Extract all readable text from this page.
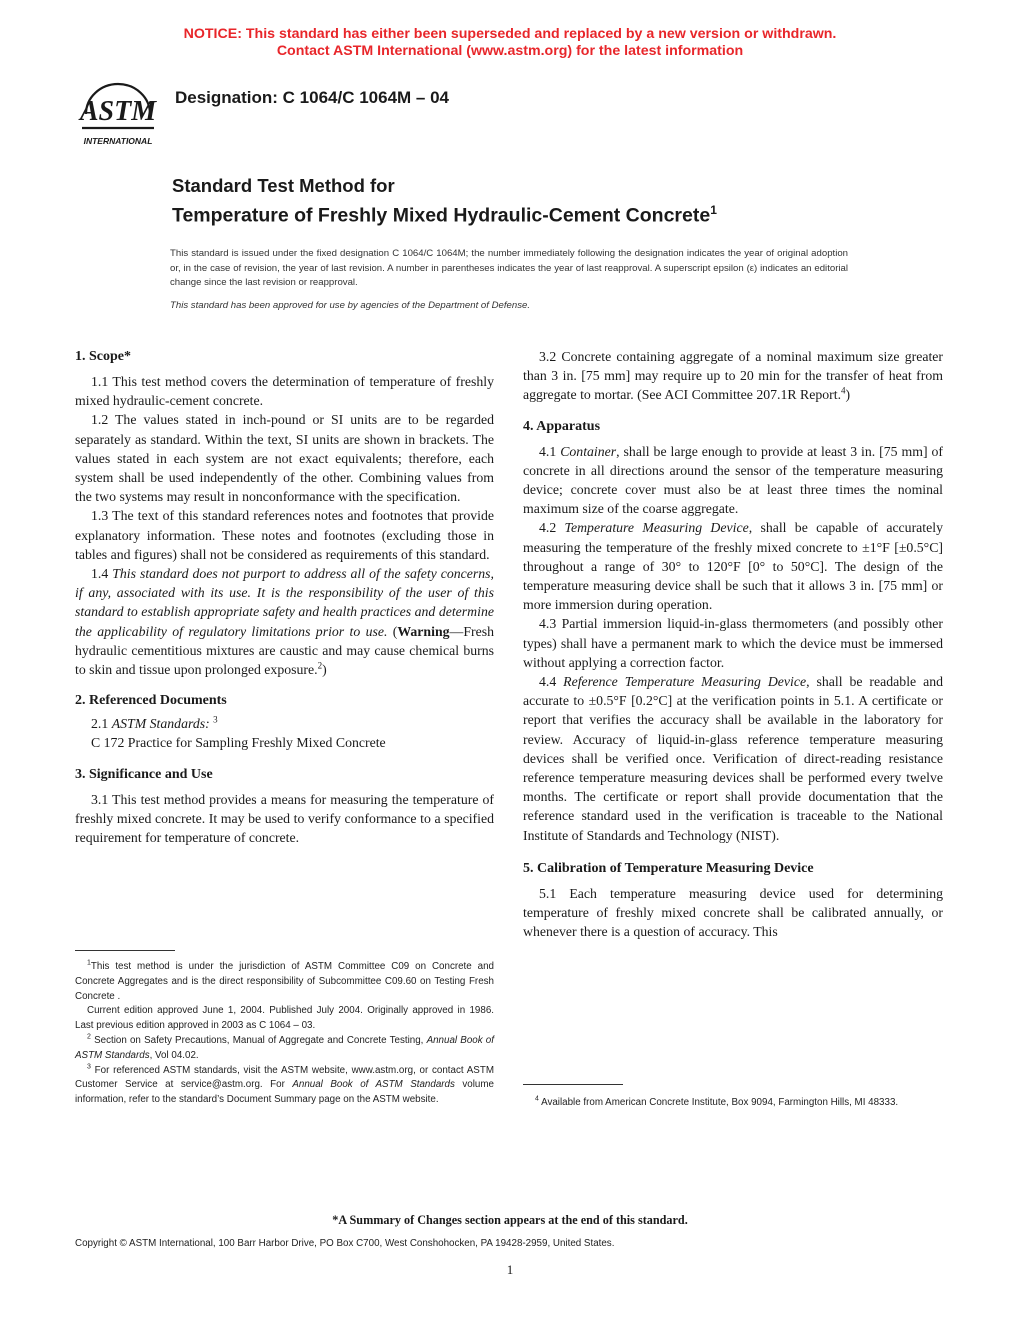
NOTICE: This standard has either been superseded and replaced by a new version or withdrawn.
Contact ASTM International (www.astm.org) for the latest information
ASTM
INTERNATIONAL
Designation: C 1064/C 1064M – 04
Standard Test Method for
Temperature of Freshly Mixed Hydraulic-Cement Concrete$^1$
This standard is issued under the fixed designation C 1064/C 1064M; the number immediately following the designation indicates the year of original adoption or, in the case of revision, the year of last revision. A number in parentheses indicates the year of last reapproval. A superscript epsilon (ε) indicates an editorial change since the last revision or reapproval.
This standard has been approved for use by agencies of the Department of Defense.
1. Scope*

1.1 This test method covers the determination of temperature of freshly mixed hydraulic-cement concrete.

1.2 The values stated in inch-pound or SI units are to be regarded separately as standard. Within the text, SI units are shown in brackets. The values stated in each system are not exact equivalents; therefore, each system shall be used independently of the other. Combining values from the two systems may result in nonconformance with the specification.

1.3 The text of this standard references notes and footnotes that provide explanatory information. These notes and footnotes (excluding those in tables and figures) shall not be considered as requirements of this standard.

1.4 This standard does not purport to address all of the safety concerns, if any, associated with its use. It is the responsibility of the user of this standard to establish appropriate safety and health practices and determine the applicability of regulatory limitations prior to use. (Warning—Fresh hydraulic cementitious mixtures are caustic and may cause chemical burns to skin and tissue upon prolonged exposure.$^2$)

2. Referenced Documents
2.1 ASTM Standards: $^3$
C 172 Practice for Sampling Freshly Mixed Concrete
3. Significance and Use

3.1 This test method provides a means for measuring the temperature of freshly mixed concrete. It may be used to verify conformance to a specified requirement for temperature of concrete.

$^1$This test method is under the jurisdiction of ASTM Committee C09 on Concrete and Concrete Aggregates and is the direct responsibility of Subcommittee C09.60 on Testing Fresh Concrete .

Current edition approved June 1, 2004. Published July 2004. Originally approved in 1986. Last previous edition approved in 2003 as C 1064 – 03.

$^2$ Section on Safety Precautions, Manual of Aggregate and Concrete Testing, Annual Book of ASTM Standards, Vol 04.02.

$^3$ For referenced ASTM standards, visit the ASTM website, www.astm.org, or contact ASTM Customer Service at service@astm.org. For Annual Book of ASTM Standards volume information, refer to the standard’s Document Summary page on the ASTM website.

3.2 Concrete containing aggregate of a nominal maximum size greater than 3 in. [75 mm] may require up to 20 min for the transfer of heat from aggregate to mortar. (See ACI Committee 207.1R Report.$^4$)

4. Apparatus

4.1 Container, shall be large enough to provide at least 3 in. [75 mm] of concrete in all directions around the sensor of the temperature measuring device; concrete cover must also be at least three times the nominal maximum size of the coarse aggregate.

4.2 Temperature Measuring Device, shall be capable of accurately measuring the temperature of the freshly mixed concrete to ±1°F [±0.5°C] throughout a range of 30° to 120°F [0° to 50°C]. The design of the temperature measuring device shall be such that it allows 3 in. [75 mm] or more immersion during operation.

4.3 Partial immersion liquid-in-glass thermometers (and possibly other types) shall have a permanent mark to which the device must be immersed without applying a correction factor.

4.4 Reference Temperature Measuring Device, shall be readable and accurate to ±0.5°F [0.2°C] at the verification points in 5.1. A certificate or report that verifies the accuracy shall be available in the laboratory for review. Accuracy of liquid-in-glass reference temperature measuring devices shall be verified once. Verification of direct-reading resistance reference temperature measuring devices shall be performed every twelve months. The certificate or report shall provide documentation that the reference standard used in the verification is traceable to the National Institute of Standards and Technology (NIST).

5. Calibration of Temperature Measuring Device

5.1 Each temperature measuring device used for determining temperature of freshly mixed concrete shall be calibrated annually, or whenever there is a question of accuracy. This

$^4$ Available from American Concrete Institute, Box 9094, Farmington Hills, MI 48333.

*A Summary of Changes section appears at the end of this standard.
Copyright © ASTM International, 100 Barr Harbor Drive, PO Box C700, West Conshohocken, PA 19428-2959, United States.
1
